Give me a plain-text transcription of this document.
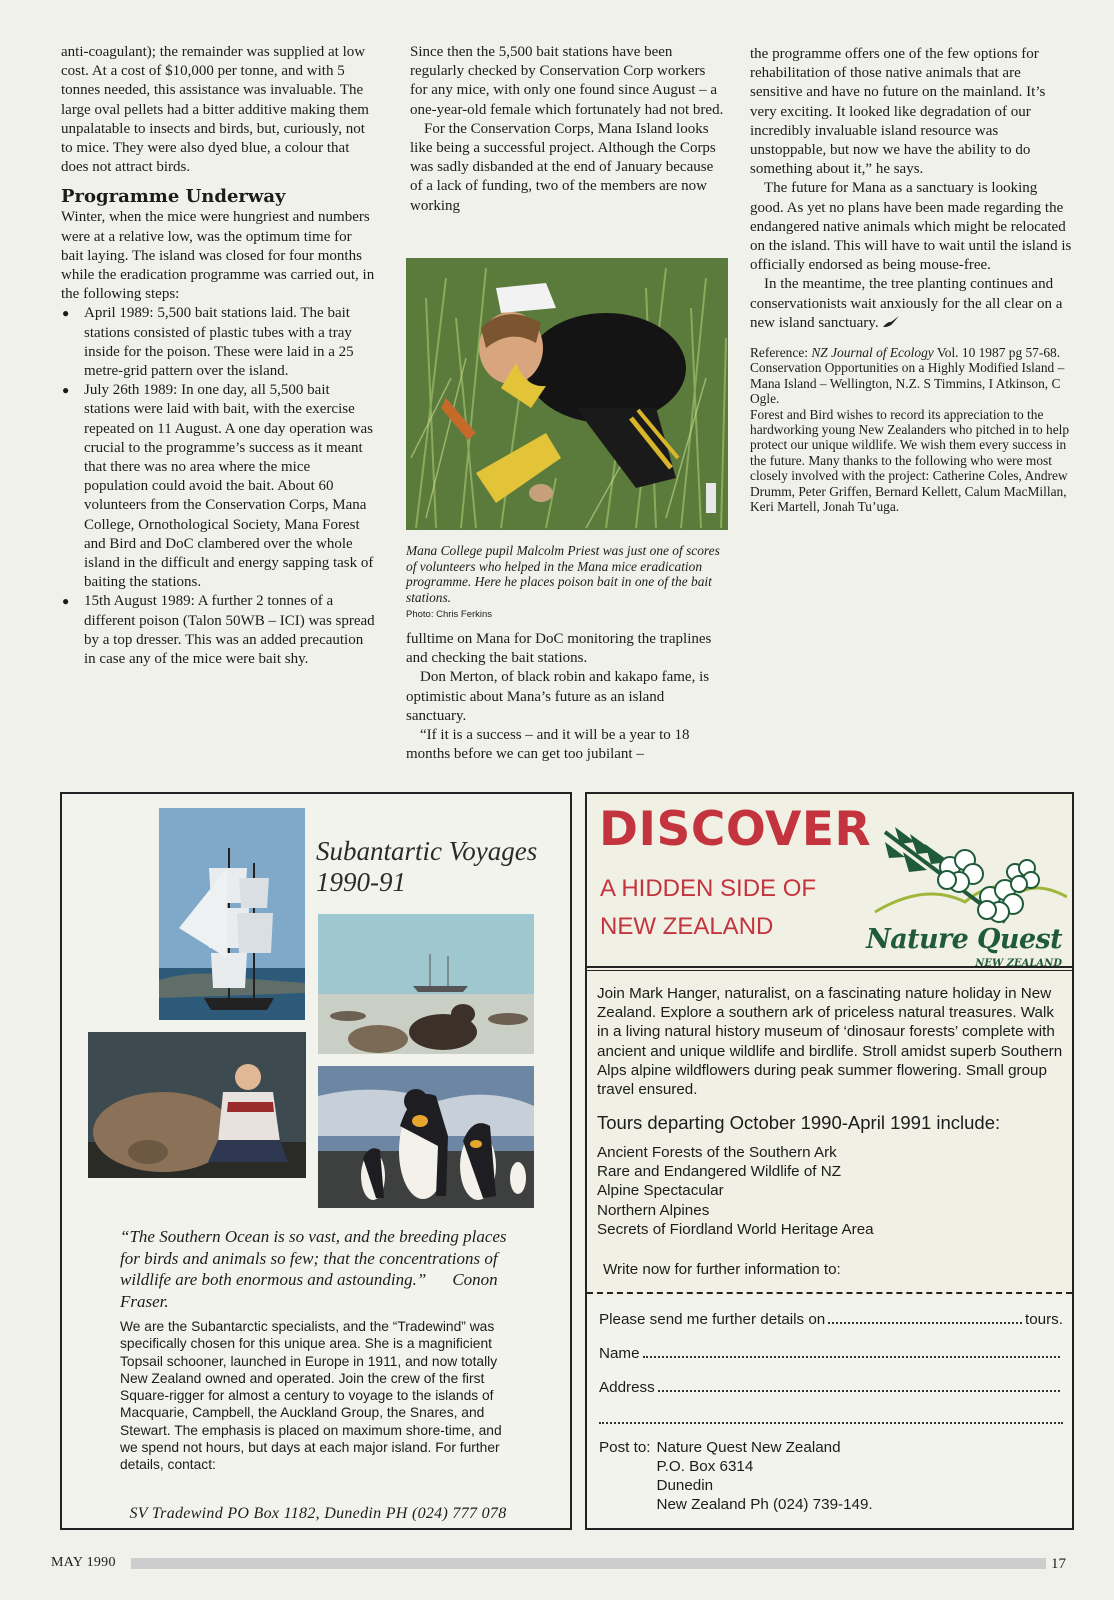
anti-coagulant); the remainder was supplied at low cost. At a cost of $10,000 per tonne, and with 5 tonnes needed, this assistance was invaluable. The large oval pellets had a bitter additive making them unpalatable to insects and birds, but, curiously, not to mice. They were also dyed blue, a colour that does not attract birds.

Programme Underway

Winter, when the mice were hungriest and numbers were at a relative low, was the optimum time for bait laying. The island was closed for four months while the eradication programme was carried out, in the following steps:

● April 1989: 5,500 bait stations laid. The bait stations consisted of plastic tubes with a tray inside for the poison. These were laid in a 25 metre-grid pattern over the island.
● July 26th 1989: In one day, all 5,500 bait stations were laid with bait, with the exercise repeated on 11 August. A one day operation was crucial to the programme’s success as it meant that there was no area where the mice population could avoid the bait. About 60 volunteers from the Conservation Corps, Mana College, Ornothological Society, Mana Forest and Bird and DoC clambered over the whole island in the difficult and energy sapping task of baiting the stations.
● 15th August 1989: A further 2 tonnes of a different poison (Talon 50WB – ICI) was spread by a top dresser. This was an added precaution in case any of the mice were bait shy.

Since then the 5,500 bait stations have been regularly checked by Conservation Corp workers for any mice, with only one found since August – a one-year-old female which fortunately had not bred.

For the Conservation Corps, Mana Island looks like being a successful project. Although the Corps was sadly disbanded at the end of January because of a lack of funding, two of the members are now working

Mana College pupil Malcolm Priest was just one of scores of volunteers who helped in the Mana mice eradication programme. Here he places poison bait in one of the bait stations.
Photo: Chris Ferkins

fulltime on Mana for DoC monitoring the traplines and checking the bait stations.

Don Merton, of black robin and kakapo fame, is optimistic about Mana’s future as an island sanctuary.

“If it is a success – and it will be a year to 18 months before we can get too jubilant –

the programme offers one of the few options for rehabilitation of those native animals that are sensitive and have no future on the mainland. It’s very exciting. It looked like degradation of our incredibly invaluable island resource was unstoppable, but now we have the ability to do something about it,” he says.

The future for Mana as a sanctuary is looking good. As yet no plans have been made regarding the endangered native animals which might be relocated on the island. This will have to wait until the island is officially endorsed as being mouse-free.

In the meantime, the tree planting continues and conservationists wait anxiously for the all clear on a new island sanctuary.

Reference: NZ Journal of Ecology Vol. 10 1987 pg 57-68. Conservation Opportunities on a Highly Modified Island – Mana Island – Wellington, N.Z. S Timmins, I Atkinson, C Ogle.

Forest and Bird wishes to record its appreciation to the hardworking young New Zealanders who pitched in to help protect our unique wildlife. We wish them every success in the future. Many thanks to the following who were most closely involved with the project: Catherine Coles, Andrew Drumm, Peter Griffen, Bernard Kellett, Calum MacMillan, Keri Martell, Jonah Tu’uga.

Subantartic Voyages
1990-91
“The Southern Ocean is so vast, and the breeding places for birds and animals so few; that the concentrations of wildlife are both enormous and astounding.” Conon Fraser.
We are the Subantarctic specialists, and the “Tradewind” was specifically chosen for this unique area. She is a magnificient Topsail schooner, launched in Europe in 1911, and now totally New Zealand owned and operated. Join the crew of the first Square-rigger for almost a century to voyage to the islands of Macquarie, Campbell, the Auckland Group, the Snares, and Stewart. The emphasis is placed on maximum shore-time, and we spend not hours, but days at each major island. For further details, contact:
SV Tradewind PO Box 1182, Dunedin PH (024) 777 078
DISCOVER
A HIDDEN SIDE OF
NEW ZEALAND	Nature Quest
NEW ZEALAND
Join Mark Hanger, naturalist, on a fascinating nature holiday in New Zealand. Explore a southern ark of priceless natural treasures. Walk in a living natural history museum of ‘dinosaur forests’ complete with ancient and unique wildlife and birdlife. Stroll amidst superb Southern Alps alpine wildflowers during peak summer flowering. Small group travel ensured.
Tours departing October 1990-April 1991 include:
Ancient Forests of the Southern Ark
Rare and Endangered Wildlife of NZ
Alpine Spectacular
Northern Alpines
Secrets of Fiordland World Heritage Area
Write now for further information to:
Please send me further details on	tours.
Name
Address
Post to: Nature Quest New Zealand
P.O. Box 6314
Dunedin
New Zealand Ph (024) 739-149.
MAY 1990	17
